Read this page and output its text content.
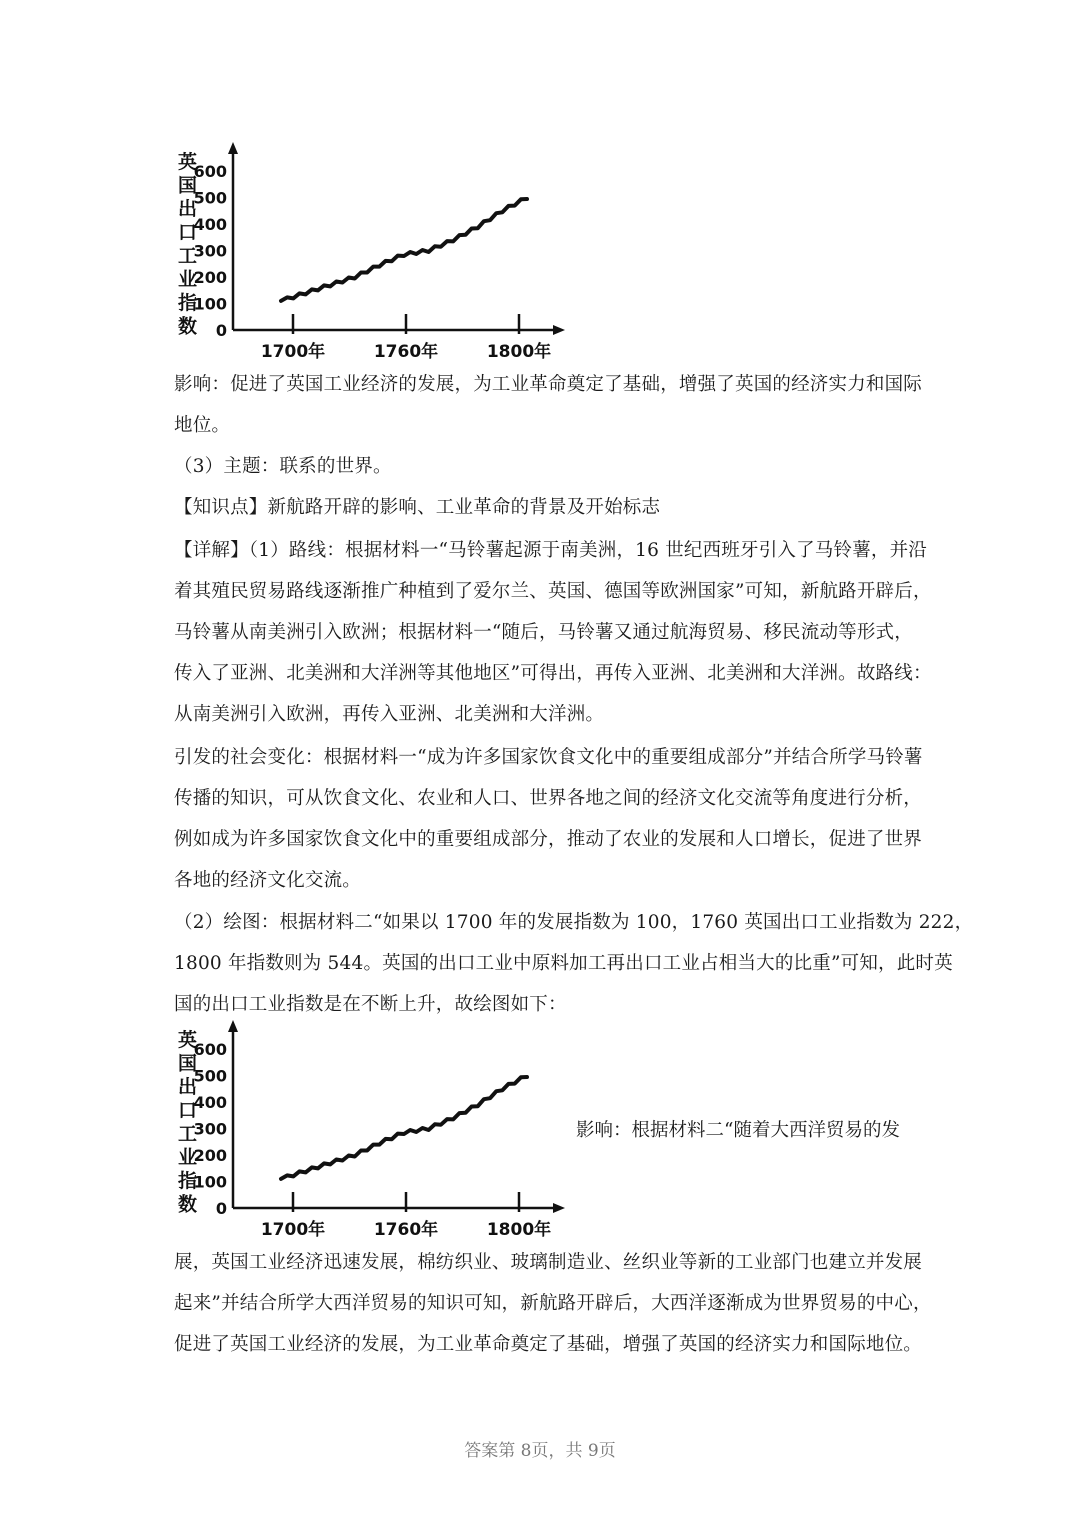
英
国
出
口
工
业
指
数
600
500
400
300
200
100
0
1700年	1760年	1800年
影响：促进了英国工业经济的发展，为工业革命奠定了基础，增强了英国的经济实力和国际
地位。
（3）主题：联系的世界。
【知识点】新航路开辟的影响、工业革命的背景及开始标志
【详解】（1）路线：根据材料一“马铃薯起源于南美洲，16 世纪西班牙引入了马铃薯，并沿
着其殖民贸易路线逐渐推广种植到了爱尔兰、英国、德国等欧洲国家”可知，新航路开辟后，
马铃薯从南美洲引入欧洲；根据材料一“随后，马铃薯又通过航海贸易、移民流动等形式，
传入了亚洲、北美洲和大洋洲等其他地区”可得出，再传入亚洲、北美洲和大洋洲。故路线：
从南美洲引入欧洲，再传入亚洲、北美洲和大洋洲。
引发的社会变化：根据材料一“成为许多国家饮食文化中的重要组成部分”并结合所学马铃薯
传播的知识，可从饮食文化、农业和人口、世界各地之间的经济文化交流等角度进行分析，
例如成为许多国家饮食文化中的重要组成部分，推动了农业的发展和人口增长，促进了世界
各地的经济文化交流。
（2）绘图：根据材料二“如果以 1700 年的发展指数为 100，1760 英国出口工业指数为 222，
1800 年指数则为 544。英国的出口工业中原料加工再出口工业占相当大的比重”可知，此时英
国的出口工业指数是在不断上升，故绘图如下：
英
国
出
口
工
业
指
数
600
500
400
300
200
100
0
1700年	1760年	1800年
影响：根据材料二“随着大西洋贸易的发
展，英国工业经济迅速发展，棉纺织业、玻璃制造业、丝织业等新的工业部门也建立并发展
起来”并结合所学大西洋贸易的知识可知，新航路开辟后，大西洋逐渐成为世界贸易的中心，
促进了英国工业经济的发展，为工业革命奠定了基础，增强了英国的经济实力和国际地位。
答案第 8页，共 9页
